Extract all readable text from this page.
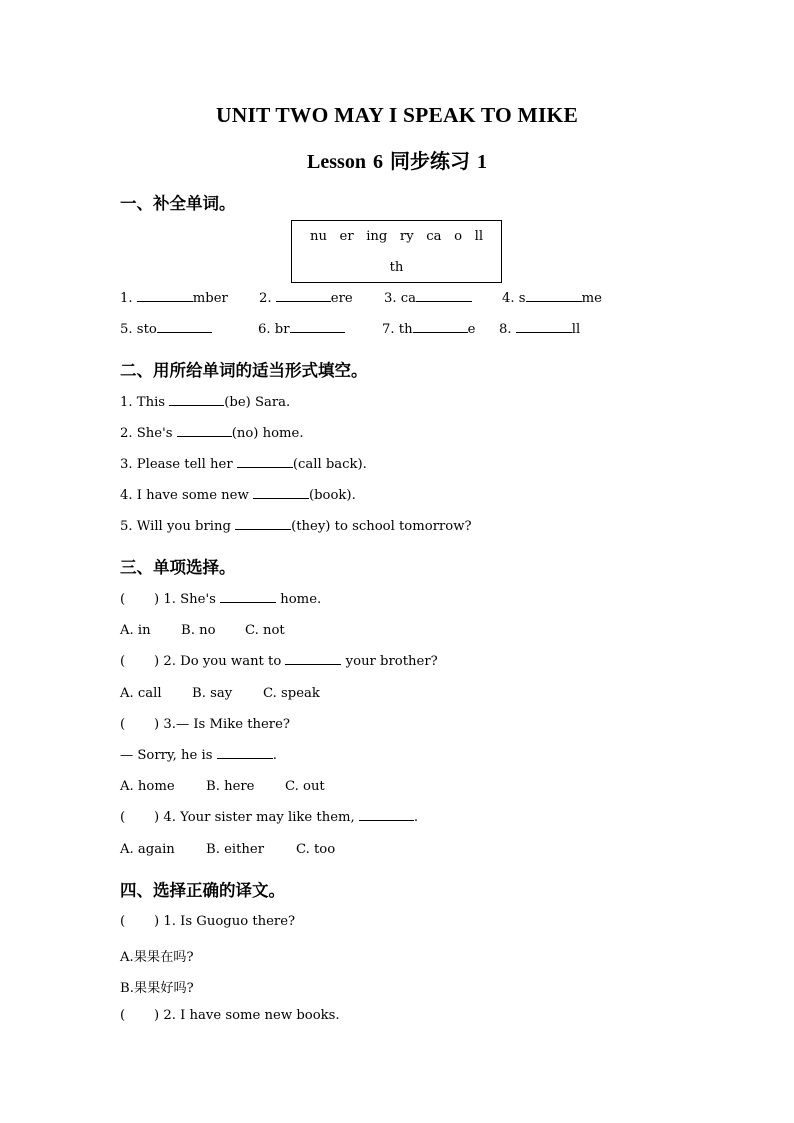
UNIT TWO MAY I SPEAK TO MIKE
Lesson 6 同步练习 1
一、补全单词。
nu   er   ing   ry   ca   o   ll
th
1.	mber 2.	ere 3. ca	4. s	me
5. sto	6. br	7. th	e 8.	ll
二、用所给单词的适当形式填空。
1. This	(be) Sara.
2. She's	(no) home.
3. Please tell her	(call back).
4. I have some new	(book).
5. Will you bring	(they) to school tomorrow?
三、单项选择。
( ) 1. She's	home.
A. in B. no C. not
( ) 2. Do you want to	your brother?
A. call B. say C. speak
( ) 3.— Is Mike there?
— Sorry, he is	.
A. home B. here C. out
( ) 4. Your sister may like them,	.
A. again B. either C. too
四、选择正确的译文。
( ) 1. Is Guoguo there?
A.果果在吗?
B.果果好吗?
( ) 2. I have some new books.
